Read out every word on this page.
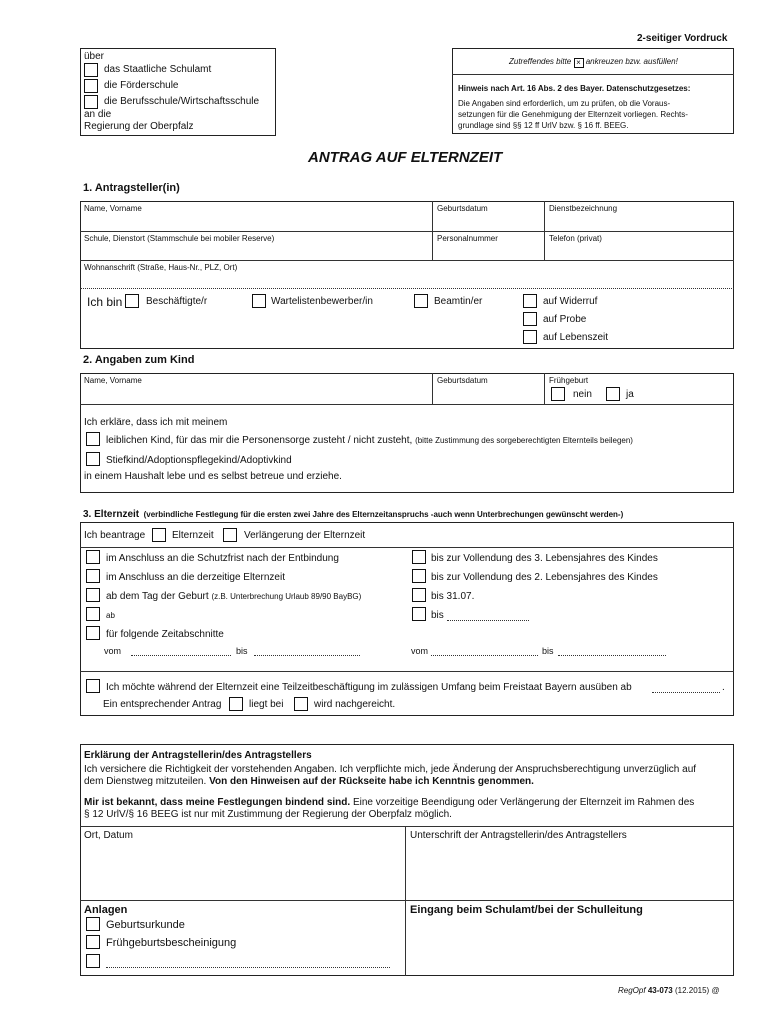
2-seitiger Vordruck
über
das Staatliche Schulamt
die Förderschule
die Berufsschule/Wirtschaftsschule
an die
Regierung der Oberpfalz
Zutreffendes bitte × ankreuzen bzw. ausfüllen!
Hinweis nach Art. 16 Abs. 2 des Bayer. Datenschutzgesetzes:
Die Angaben sind erforderlich, um zu prüfen, ob die Voraus-
setzungen für die Genehmigung der Elternzeit vorliegen. Rechts-
grundlage sind §§ 12 ff UrlV bzw. § 16 ff. BEEG.
ANTRAG AUF ELTERNZEIT
1. Antragsteller(in)
Name, Vorname	Geburtsdatum	Dienstbezeichnung
Schule, Dienstort (Stammschule bei mobiler Reserve)	Personalnummer	Telefon (privat)
Wohnanschrift (Straße, Haus-Nr., PLZ, Ort)
Ich bin Beschäftigte/r	Wartelistenbewerber/in	Beamtin/er	auf Widerruf
auf Probe
auf Lebenszeit
2. Angaben zum Kind
Name, Vorname	Geburtsdatum	Frühgeburt
nein	ja
Ich erkläre, dass ich mit meinem
leiblichen Kind, für das mir die Personensorge zusteht / nicht zusteht, (bitte Zustimmung des sorgeberechtigten Elternteils beilegen)
Stiefkind/Adoptionspflegekind/Adoptivkind
in einem Haushalt lebe und es selbst betreue und erziehe.
3. Elternzeit (verbindliche Festlegung für die ersten zwei Jahre des Elternzeitanspruchs -auch wenn Unterbrechungen gewünscht werden-)
Ich beantrage	Elternzeit	Verlängerung der Elternzeit
im Anschluss an die Schutzfrist nach der Entbindung
im Anschluss an die derzeitige Elternzeit
ab dem Tag der Geburt (z.B. Unterbrechung Urlaub 89/90 BayBG)
ab
für folgende Zeitabschnitte
vom	bis
bis zur Vollendung des 3. Lebensjahres des Kindes
bis zur Vollendung des 2. Lebensjahres des Kindes
bis 31.07.
bis
vom	bis
Ich möchte während der Elternzeit eine Teilzeitbeschäftigung im zulässigen Umfang beim Freistaat Bayern ausüben ab	.
Ein entsprechender Antrag	liegt bei	wird nachgereicht.
Erklärung der Antragstellerin/des Antragstellers
Ich versichere die Richtigkeit der vorstehenden Angaben. Ich verpflichte mich, jede Änderung der Anspruchsberechtigung unverzüglich auf
dem Dienstweg mitzuteilen. Von den Hinweisen auf der Rückseite habe ich Kenntnis genommen.
Mir ist bekannt, dass meine Festlegungen bindend sind. Eine vorzeitige Beendigung oder Verlängerung der Elternzeit im Rahmen des
§ 12 UrlV/§ 16 BEEG ist nur mit Zustimmung der Regierung der Oberpfalz möglich.
Ort, Datum	Unterschrift der Antragstellerin/des Antragstellers
Anlagen
Geburtsurkunde
Frühgeburtsbescheinigung
Eingang beim Schulamt/bei der Schulleitung
RegOpf 43-073 (12.2015) @
